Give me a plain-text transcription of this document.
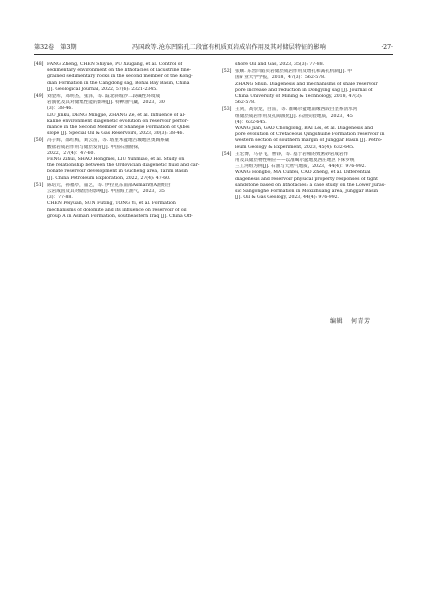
第32卷 第3期	冯国政等.沧东凹陷孔二段富有机质页岩成岩作用及其对储层特征的影响	·27·
[48] FANG Zheng, CHEN Shiyue, PU Xiugang, et al. Control of
sedimentary environment on the lithofacies of lacustrine fine-
grained sedimentary rocks in the second member of the Kong-
dian Formation in the Cangdong sag, Bohai Bay Basin, China
[J]. Geological Journal, 2022, 57(6): 2321-2345.
[49] 刘金库，邓明杰，张泽，等. 歧北斜坡沙二段碱性环境成
岩演化及其对储集性能的影响[J]. 特种油气藏，2023，30
(3)：38-46.
LIU Jinku, DENG Mingjie, ZHANG Ze, et al. Influence of al-
kaline environment diagenetic evolution on reservoir perfor-
mance in the Second Member of Shahejie Formation of Qibei
slope [J]. Special Oil & Gas Reservoirs, 2023, 30(3): 38-46.
[50] 冯子辉，邵红梅，刘云苗，等. 塔里木盆地古城地区奥陶系碳
酸盐岩成岩作用与储层发育[J]. 中国石油勘探，
2022，27(4)：47-60.
FENG Zihui, SHAO Hongmei, LIU Yunmiao, et al. Study on
the relationship between the Ordovician diagenetic fluid and car-
bonate reservoir development in Gucheng area, Tarim Basin
[J]. China Petroleum Exploration, 2022, 27(4): 47-60.
[51] 陈培元，孙福亭，董艺，等. 伊拉克东南部Asmari组A油组白
云岩成因及其对储层的影响[J]. 中国海上油气，2023，35
(3)：77-88.
CHEN Peiyuan, SUN Futing, TONG Yi, et al. Formation
mechanisms of dolomite and its influence on reservoir of oil
group A in Asmari Formation, southeastern Iraq [J]. China Off-
shore Oil and Gas, 2023, 35(3): 77-88.
[52] 张顺. 东营凹陷页岩储层成岩作用及增孔和减孔机制[J]. 中
国矿业大学学报，2018，47(3)：562-578.
ZHANG Shun. Diagenesis and mechanisms of shale reservoir
pore increase and reduction in Dongying sag [J]. Journal of
China University of Mining & Technology, 2018, 47(3):
562-578.
[53] 王剑，高崇龙，白雷，等. 准噶尔盆地南缘西段白垩系清水河
组储层成岩作用及孔隙演化[J]. 石油实验地质，2023，45
(4)：632-645.
WANG Jian, GAO Chonglong, BAI Lei, et al. Diagenesis and
pore evolution of Cretaceous Qingshuihe Formation reservoir in
western section of southern margin of Junggar Basin [J]. Petro-
leum Geology & Experiment, 2023, 45(4): 632-645.
[54] 王宏博，马存飞，曹铮，等. 基于岩相的致密砂岩成岩作
用及其储层物性响应——以准噶尔盆地莫西庄地区下侏罗统
三工河组为例[J]. 石油与天然气地质，2023，44(4)：976-992.
WANG Hongbo, MA Cunfei, CAO Zheng, et al. Differential
diagenesis and reservoir physical property responses of tight
sandstone based on lithofacies: a case study on the Lower Juras-
sic Sangonghe Formation in Moxizhuang area, Junggar Basin
[J]. Oil & Gas Geology, 2023, 44(4): 976-992.
编辑 何青芳
